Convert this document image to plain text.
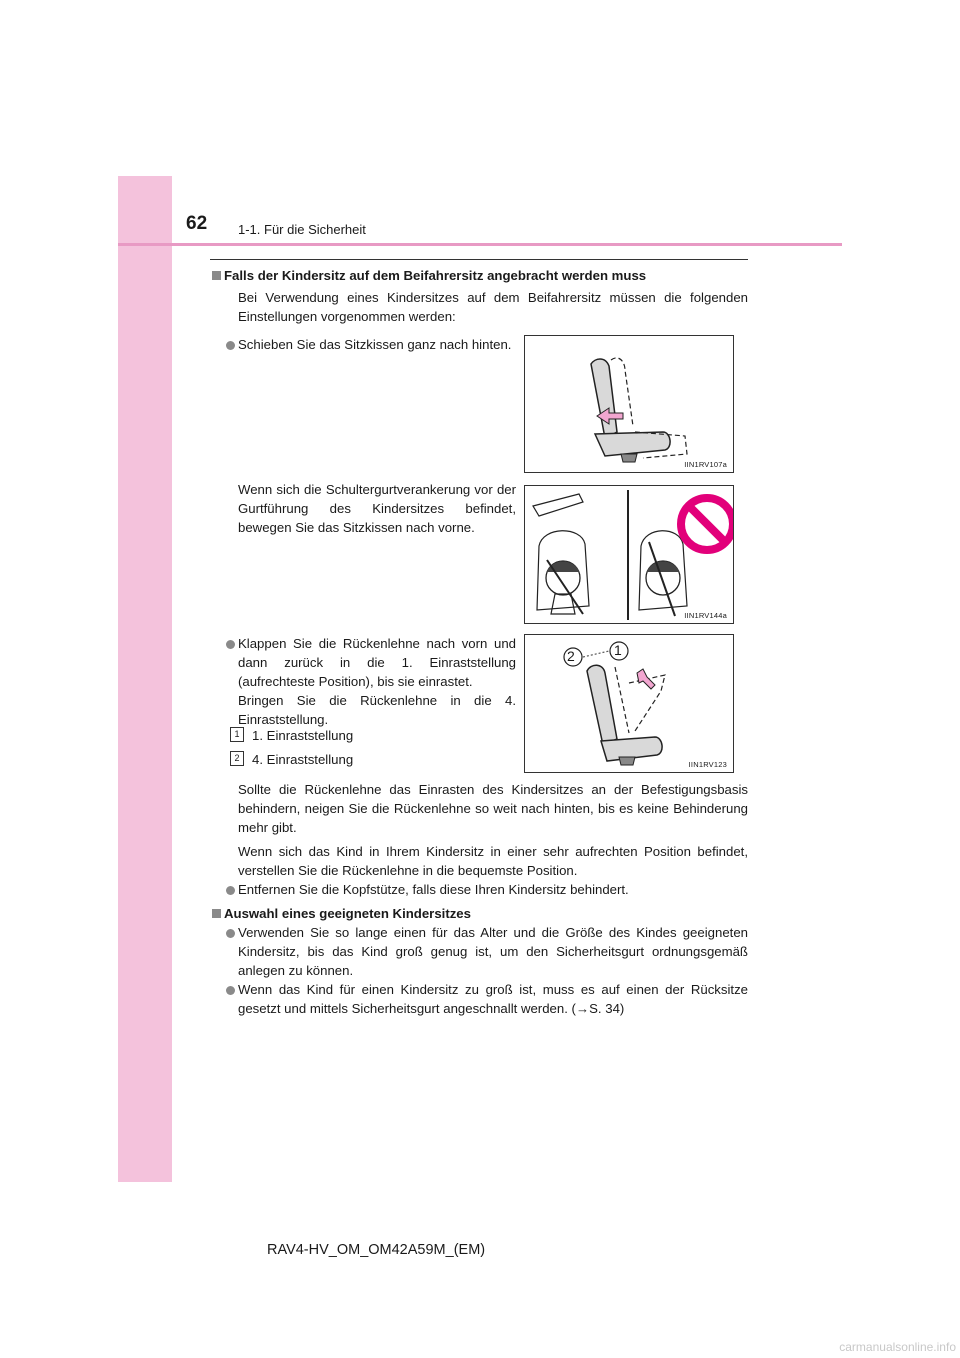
62 1-1. Für die Sicherheit
Falls der Kindersitz auf dem Beifahrersitz angebracht werden muss
Bei Verwendung eines Kindersitzes auf dem Beifahrersitz müssen die folgenden Einstellungen vorgenommen werden:
Schieben Sie das Sitzkissen ganz nach hinten.
Wenn sich die Schultergurtverankerung vor der Gurtführung des Kindersitzes befindet, bewegen Sie das Sitzkissen nach vorne.
IIN1RV107a
IIN1RV144a
Klappen Sie die Rückenlehne nach vorn und dann zurück in die 1. Einraststellung (aufrechteste Position), bis sie einrastet.
Bringen Sie die Rückenlehne in die 4. Einraststellung.
1 1. Einraststellung
2 4. Einraststellung
2	1
IIN1RV123
Sollte die Rückenlehne das Einrasten des Kindersitzes an der Befestigungsbasis behindern, neigen Sie die Rückenlehne so weit nach hinten, bis es keine Behinderung mehr gibt.
Wenn sich das Kind in Ihrem Kindersitz in einer sehr aufrechten Position befindet, verstellen Sie die Rückenlehne in die bequemste Position.
Entfernen Sie die Kopfstütze, falls diese Ihren Kindersitz behindert.
Auswahl eines geeigneten Kindersitzes
Verwenden Sie so lange einen für das Alter und die Größe des Kindes geeigneten Kindersitz, bis das Kind groß genug ist, um den Sicherheitsgurt ordnungsgemäß anlegen zu können.
Wenn das Kind für einen Kindersitz zu groß ist, muss es auf einen der Rücksitze gesetzt und mittels Sicherheitsgurt angeschnallt werden. (→S. 34)
RAV4-HV_OM_OM42A59M_(EM)
carmanualsonline.info
